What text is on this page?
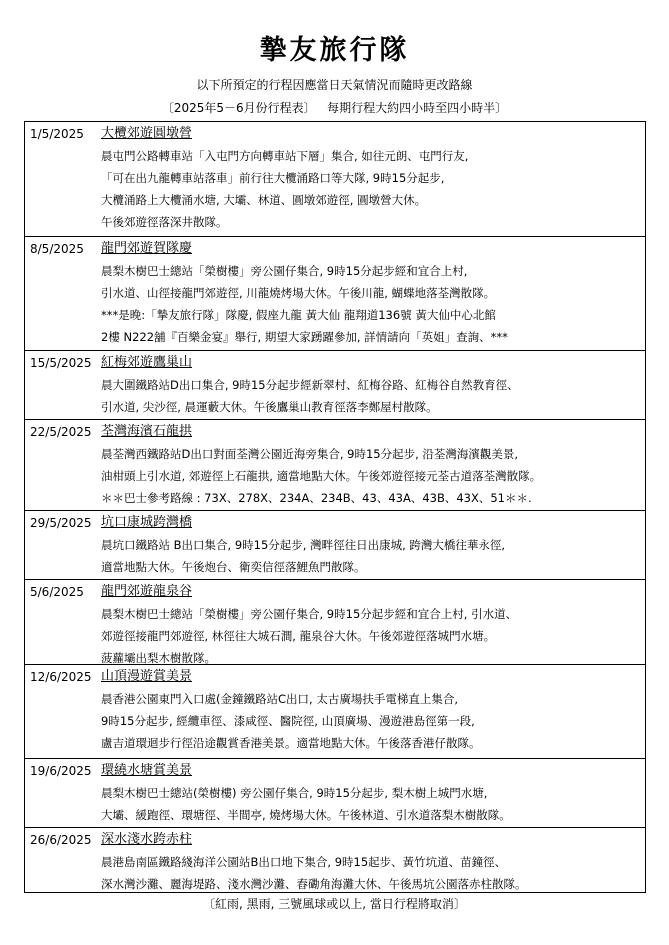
摯友旅行隊
以下所預定的行程因應當日天氣情況而隨時更改路線
〔2025年5－6月份行程表〕   每期行程大約四小時至四小時半〕
1/5/2025 大欖郊遊圓墩營
晨屯門公路轉車站「入屯門方向轉車站下層」集合, 如往元朗、屯門行友,
「可在出九龍轉車站落車」前行往大欖涌路口等大隊, 9時15分起步,
大欖涌路上大欖涌水塘, 大壩、林道、圓墩郊遊徑, 圓墩營大休。
午後郊遊徑落深井散隊。
8/5/2025 龍門郊遊賀隊慶
晨梨木樹巴士總站「榮樹樓」旁公園仔集合, 9時15分起步經和宜合上村,
引水道、山徑接龍門郊遊徑, 川龍燒烤場大休。午後川龍, 蝴蝶地落荃灣散隊。
***是晚:「摯友旅行隊」隊慶, 假座九龍 黃大仙 龍翔道136號 黃大仙中心北館
2樓 N222舖『百樂金宴』舉行, 期望大家踴躍參加, 詳情請向「英姐」查詢、***
15/5/2025 紅梅郊遊鷹巢山
晨大圍鐵路站D出口集合, 9時15分起步經新翠村、紅梅谷路、紅梅谷自然教育徑、
引水道, 尖沙徑, 晨運藪大休。午後鷹巢山教育徑落李鄭屋村散隊。
22/5/2025 荃灣海濱石龍拱
晨荃灣西鐵路站D出口對面荃灣公園近海旁集合, 9時15分起步, 沿荃灣海濱觀美景,
油柑頭上引水道, 郊遊徑上石龍拱, 適當地點大休。午後郊遊徑接元荃古道落荃灣散隊。
＊＊巴士參考路線 : 73X、278X、234A、234B、43、43A、43B、43X、51＊＊.
29/5/2025 坑口康城跨灣橋
晨坑口鐵路站 B出口集合, 9時15分起步, 灣畔徑往日出康城, 跨灣大橋往華永徑,
適當地點大休。午後炮台、衛奕信徑落鯉魚門散隊。
5/6/2025 龍門郊遊龍泉谷
晨梨木樹巴士總站「榮樹樓」旁公園仔集合, 9時15分起步經和宜合上村, 引水道、
郊遊徑接龍門郊遊徑, 林徑往大城石澗, 龍泉谷大休。午後郊遊徑落城門水塘。
菠蘿壩出梨木樹散隊。
12/6/2025 山頂漫遊賞美景
晨香港公園東門入口處(金鐘鐵路站C出口, 太古廣場扶手電梯直上集合,
9時15分起步, 經纜車徑、漆咸徑、醫院徑, 山頂廣場、漫遊港島徑第一段,
盧吉道環迴步行徑沿途觀賞香港美景。適當地點大休。午後落香港仔散隊。
19/6/2025 環繞水塘賞美景
晨梨木樹巴士總站(榮樹樓) 旁公園仔集合, 9時15分起步, 梨木樹上城門水塘,
大壩、緩跑徑、環塘徑、半間亭, 燒烤場大休。午後林道、引水道落梨木樹散隊。
26/6/2025 深水淺水跨赤柱
晨港島南區鐵路綫海洋公園站B出口地下集合, 9時15起步、黃竹坑道、苗鐘徑、
深水灣沙灘、麗海堤路、淺水灣沙灘、舂磡角海灘大休、午後馬坑公園落赤柱散隊。
〔紅雨, 黑雨, 三號風球或以上, 當日行程將取消〕
